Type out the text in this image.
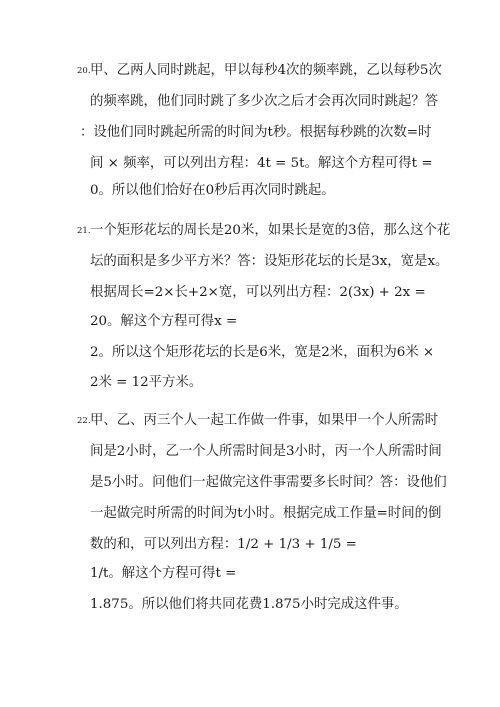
20. 甲、乙两人同时跳起，甲以每秒4次的频率跳，乙以每秒5次
的频率跳，他们同时跳了多少次之后才会再次同时跳起？答
：设他们同时跳起所需的时间为t秒。根据每秒跳的次数=时
间 × 频率，可以列出方程：4t = 5t。解这个方程可得t =
0。所以他们恰好在0秒后再次同时跳起。
21. 一个矩形花坛的周长是20米，如果长是宽的3倍，那么这个花
坛的面积是多少平方米？答：设矩形花坛的长是3x，宽是x。
根据周长=2×长+2×宽，可以列出方程：2(3x) + 2x =
20。解这个方程可得x =
2。所以这个矩形花坛的长是6米，宽是2米，面积为6米 ×
2米 = 12平方米。
22. 甲、乙、丙三个人一起工作做一件事，如果甲一个人所需时
间是2小时，乙一个人所需时间是3小时，丙一个人所需时间
是5小时。问他们一起做完这件事需要多长时间？答：设他们
一起做完时所需的时间为t小时。根据完成工作量=时间的倒
数的和，可以列出方程：1/2 + 1/3 + 1/5 =
1/t。解这个方程可得t =
1.875。所以他们将共同花费1.875小时完成这件事。
